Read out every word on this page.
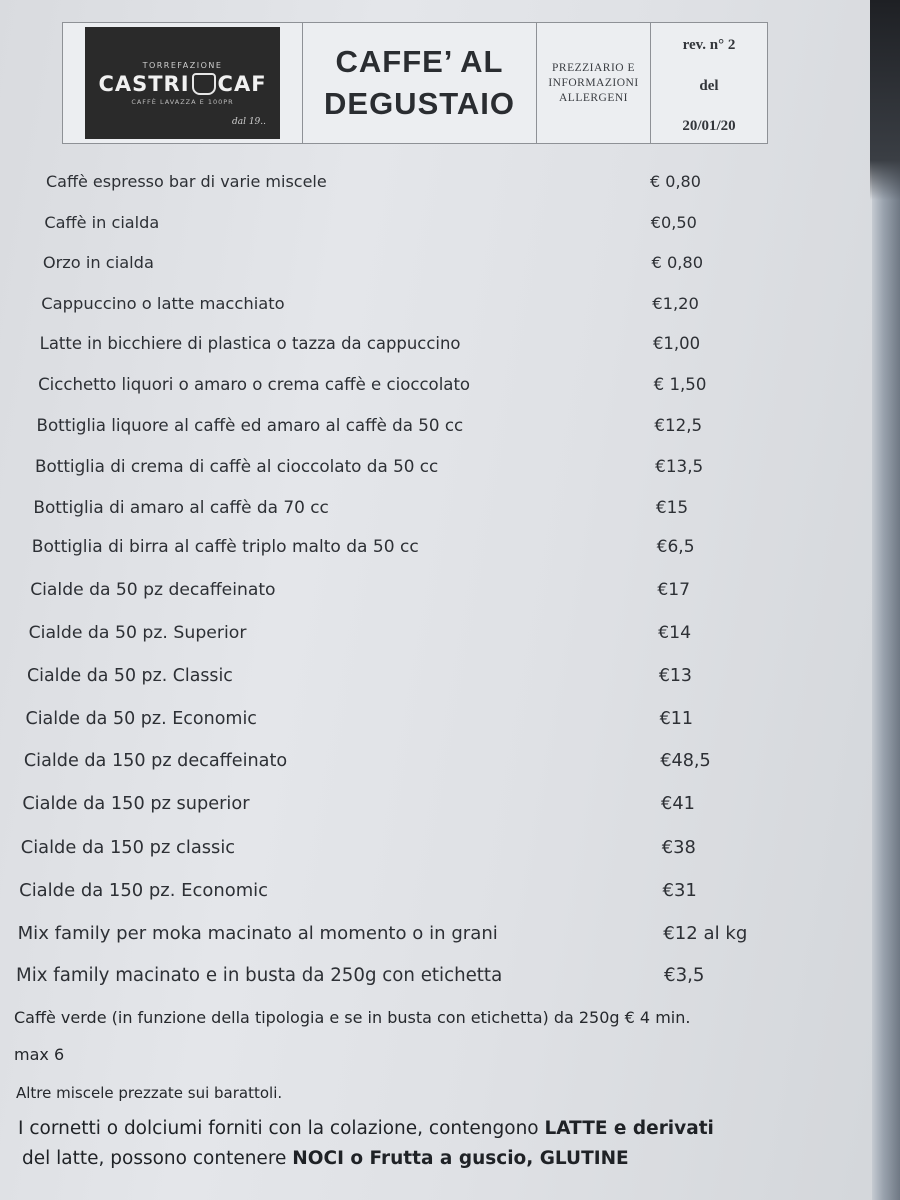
TORREFAZIONE
CASTRI CAF
CAFFÈ LAVAZZA E 100PR
dal 19..
CAFFE’ AL
DEGUSTAIO
PREZZIARIO E
INFORMAZIONI
ALLERGENI
rev. n° 2
del
20/01/20
Caffè espresso bar di varie miscele	€ 0,80
Caffè in cialda	€0,50
Orzo in cialda	€ 0,80
Cappuccino o latte macchiato	€1,20
Latte in bicchiere di plastica o tazza da cappuccino	€1,00
Cicchetto liquori o amaro o crema caffè e cioccolato	€ 1,50
Bottiglia liquore al caffè ed amaro al caffè da 50 cc	€12,5
Bottiglia di crema di caffè al cioccolato da 50 cc	€13,5
Bottiglia di amaro al caffè da 70 cc	€15
Bottiglia di birra al caffè triplo malto da 50 cc	€6,5
Cialde da 50 pz decaffeinato	€17
Cialde da 50 pz. Superior	€14
Cialde da 50 pz. Classic	€13
Cialde da 50 pz. Economic	€11
Cialde da 150 pz decaffeinato	€48,5
Cialde da 150 pz superior	€41
Cialde da 150 pz classic	€38
Cialde da 150 pz. Economic	€31
Mix family per moka macinato al momento o in grani	€12 al kg
Mix family macinato e in busta da 250g con etichetta	€3,5
Caffè verde (in funzione della tipologia e se in busta con etichetta) da 250g € 4 min.
max 6
Altre miscele prezzate sui barattoli.
I cornetti o dolciumi forniti con la colazione, contengono LATTE e derivati
del latte, possono contenere NOCI o Frutta a guscio, GLUTINE
